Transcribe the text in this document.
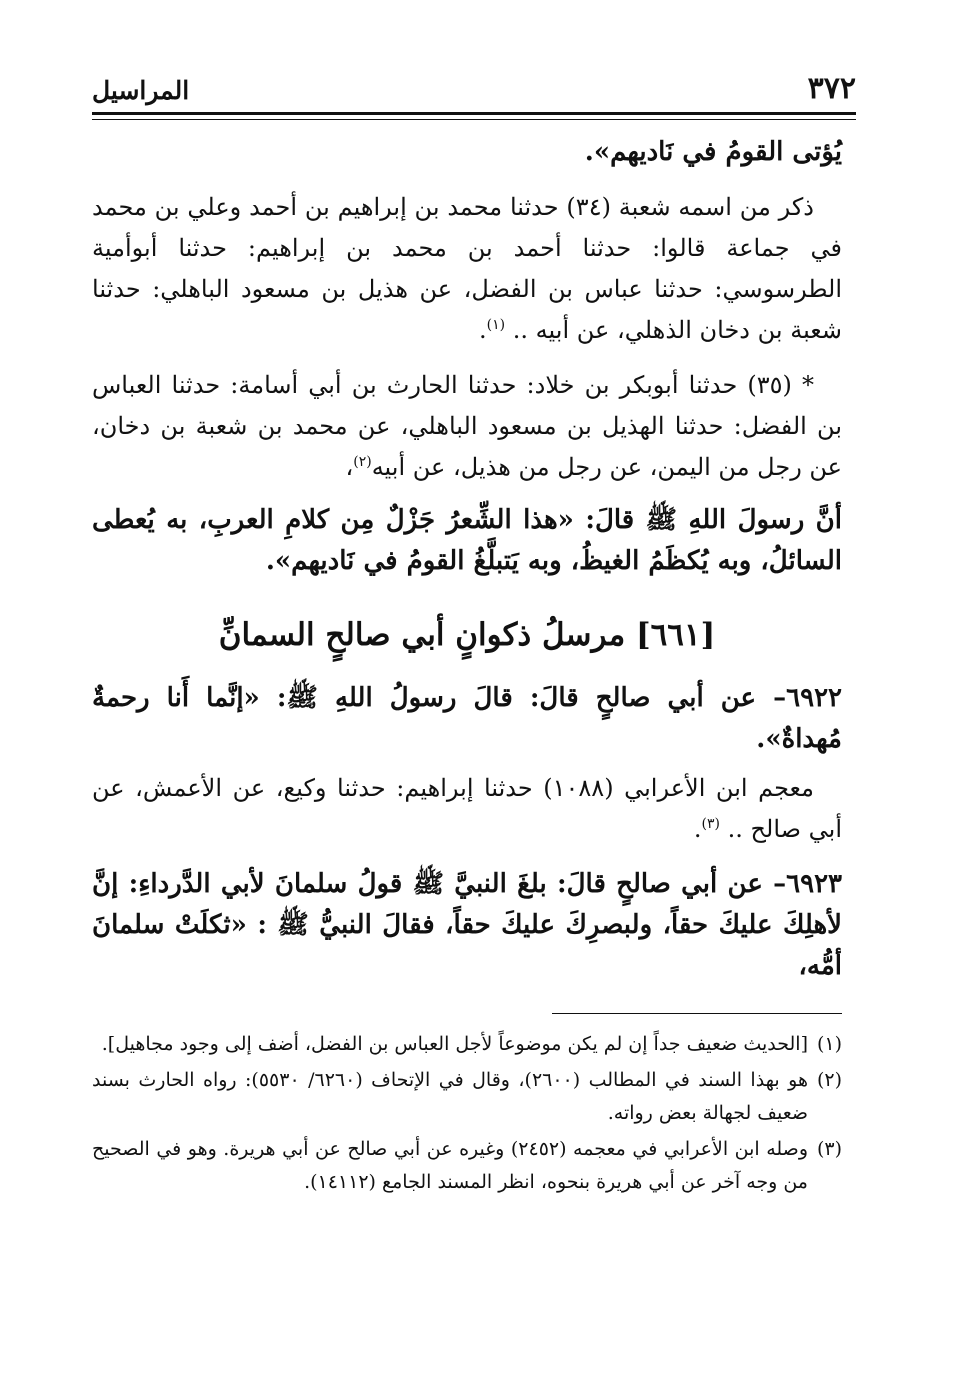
٣٧٢
المراسيل

يُؤتى القومُ في نَاديهم».

ذكر من اسمه شعبة (٣٤) حدثنا محمد بن إبراهيم بن أحمد وعلي بن محمد في جماعة قالوا: حدثنا أحمد بن محمد بن إبراهيم: حدثنا أبوأمية الطرسوسي: حدثنا عباس بن الفضل، عن هذيل بن مسعود الباهلي: حدثنا شعبة بن دخان الذهلي، عن أبيه .. $^{(١)}$.

* (٣٥) حدثنا أبوبكر بن خلاد: حدثنا الحارث بن أبي أسامة: حدثنا العباس بن الفضل: حدثنا الهذيل بن مسعود الباهلي، عن محمد بن شعبة بن دخان، عن رجل من اليمن، عن رجل من هذيل، عن أبيه$^{(٢)}$،

أنَّ رسولَ اللهِ ﷺ قالَ: «هذا الشِّعرُ جَزْلٌ مِن كلامِ العربِ، به يُعطى السائلُ، وبه يُكظَمُ الغيظُ، وبه يَتبلَّغُ القومُ في نَاديهم».

[٦٦١] مرسلُ ذكوانٍ أبي صالحٍ السمانِّ

٦٩٢٢– عن أبي صالحٍ قالَ: قالَ رسولُ اللهِ ﷺ: «إنَّما أَنا رحمةٌ مُهداةٌ».

معجم ابن الأعرابي (١٠٨٨) حدثنا إبراهيم: حدثنا وكيع، عن الأعمش، عن أبي صالح .. $^{(٣)}$.

٦٩٢٣– عن أبي صالحٍ قالَ: بلغَ النبيَّ ﷺ قولُ سلمانَ لأبي الدَّرداءِ: إنَّ لأهلِكَ عليكَ حقاً، ولبصرِكَ عليكَ حقاً، فقالَ النبيُّ ﷺ : «ثكلَتْ سلمانَ أمُّه،

(١)
[الحديث ضعيف جداً إن لم يكن موضوعاً لأجل العباس بن الفضل، أضف إلى وجود مجاهيل].
(٢)
هو بهذا السند في المطالب (٢٦٠٠)، وقال في الإتحاف (٦٢٦٠/ ٥٥٣٠): رواه الحارث بسند ضعيف لجهالة بعض رواته.
(٣)
وصله ابن الأعرابي في معجمه (٢٤٥٢) وغيره عن أبي صالح عن أبي هريرة. وهو في الصحيح من وجه آخر عن أبي هريرة بنحوه، انظر المسند الجامع (١٤١١٢).
